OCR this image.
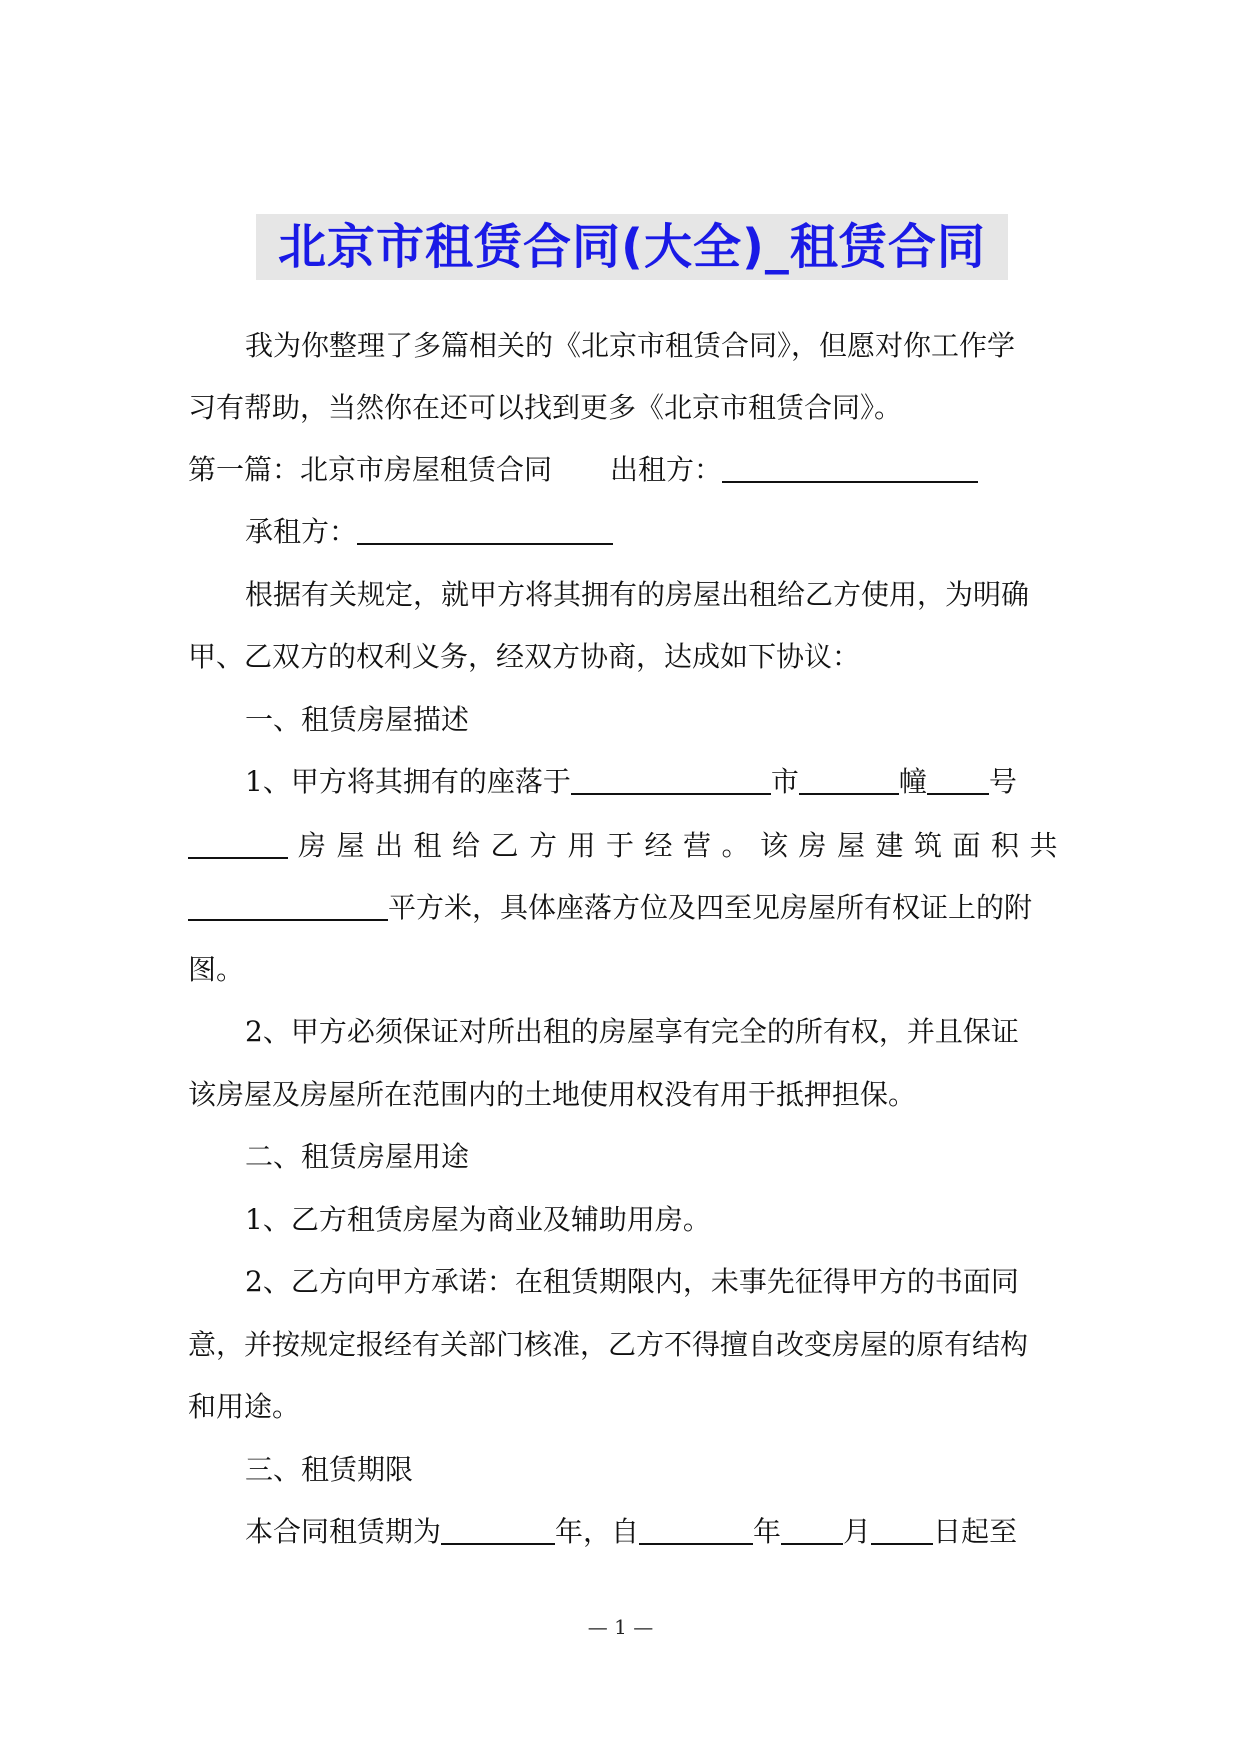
北京市租赁合同(大全)_租赁合同
我为你整理了多篇相关的《北京市租赁合同》，但愿对你工作学
习有帮助，当然你在还可以找到更多《北京市租赁合同》。
第一篇：北京市房屋租赁合同 出租方：
承租方：
根据有关规定，就甲方将其拥有的房屋出租给乙方使用，为明确
甲、乙双方的权利义务，经双方协商，达成如下协议：
一、租赁房屋描述
1、甲方将其拥有的座落于	市	幢 号
房屋出租给乙方用于经营。该房屋建筑面积共
平方米，具体座落方位及四至见房屋所有权证上的附
图。
2、甲方必须保证对所出租的房屋享有完全的所有权，并且保证
该房屋及房屋所在范围内的土地使用权没有用于抵押担保。
二、租赁房屋用途
1、乙方租赁房屋为商业及辅助用房。
2、乙方向甲方承诺：在租赁期限内，未事先征得甲方的书面同
意，并按规定报经有关部门核准，乙方不得擅自改变房屋的原有结构
和用途。
三、租赁期限
本合同租赁期为	年，自	年 月 日起至
— 1 —
